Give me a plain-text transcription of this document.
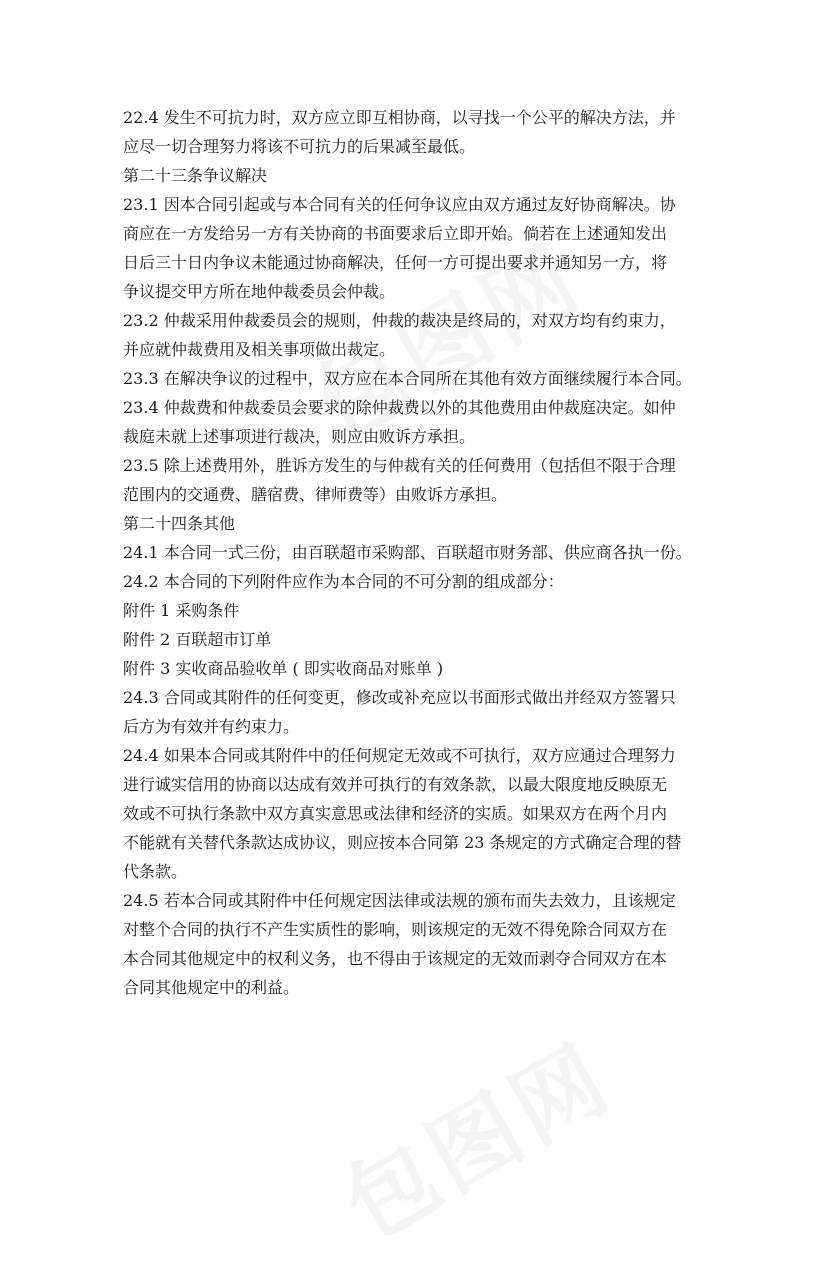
22.4 发生不可抗力时，双方应立即互相协商，以寻找一个公平的解决方法，并应尽一切合理努力将该不可抗力的后果减至最低。
第二十三条争议解决
23.1 因本合同引起或与本合同有关的任何争议应由双方通过友好协商解决。协商应在一方发给另一方有关协商的书面要求后立即开始。倘若在上述通知发出日后三十日内争议未能通过协商解决，任何一方可提出要求并通知另一方，将争议提交甲方所在地仲裁委员会仲裁。
23.2 仲裁采用仲裁委员会的规则，仲裁的裁决是终局的，对双方均有约束力，并应就仲裁费用及相关事项做出裁定。
23.3 在解决争议的过程中，双方应在本合同所在其他有效方面继续履行本合同。
23.4 仲裁费和仲裁委员会要求的除仲裁费以外的其他费用由仲裁庭决定。如仲裁庭未就上述事项进行裁决，则应由败诉方承担。
23.5 除上述费用外，胜诉方发生的与仲裁有关的任何费用（包括但不限于合理范围内的交通费、膳宿费、律师费等）由败诉方承担。
第二十四条其他
24.1 本合同一式三份，由百联超市采购部、百联超市财务部、供应商各执一份。
24.2 本合同的下列附件应作为本合同的不可分割的组成部分：
附件 1 采购条件
附件 2 百联超市订单
附件 3 实收商品验收单 ( 即实收商品对账单 )
24.3 合同或其附件的任何变更，修改或补充应以书面形式做出并经双方签署只后方为有效并有约束力。
24.4 如果本合同或其附件中的任何规定无效或不可执行，双方应通过合理努力进行诚实信用的协商以达成有效并可执行的有效条款，以最大限度地反映原无效或不可执行条款中双方真实意思或法律和经济的实质。如果双方在两个月内不能就有关替代条款达成协议，则应按本合同第 23 条规定的方式确定合理的替代条款。
24.5 若本合同或其附件中任何规定因法律或法规的颁布而失去效力，且该规定对整个合同的执行不产生实质性的影响，则该规定的无效不得免除合同双方在本合同其他规定中的权利义务，也不得由于该规定的无效而剥夺合同双方在本合同其他规定中的利益。
